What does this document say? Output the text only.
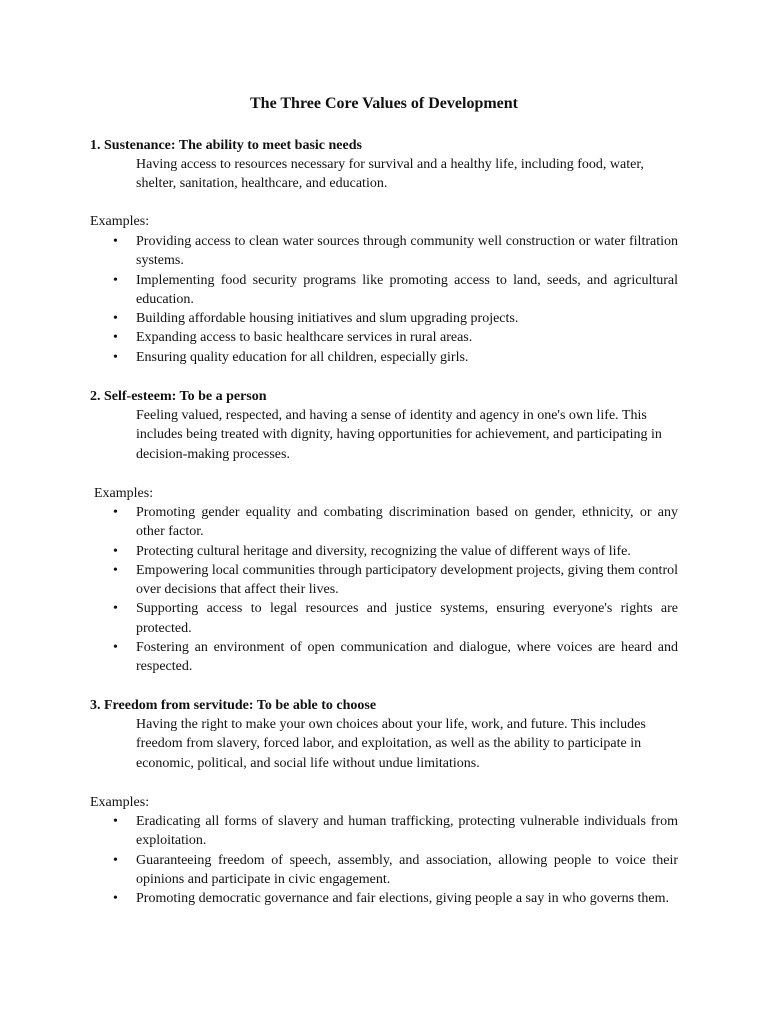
The Three Core Values of Development
1. Sustenance: The ability to meet basic needs
Having access to resources necessary for survival and a healthy life, including food, water, shelter, sanitation, healthcare, and education.
Examples:
• Providing access to clean water sources through community well construction or water filtration systems.
• Implementing food security programs like promoting access to land, seeds, and agricultural education.
• Building affordable housing initiatives and slum upgrading projects.
• Expanding access to basic healthcare services in rural areas.
• Ensuring quality education for all children, especially girls.
2. Self-esteem: To be a person
Feeling valued, respected, and having a sense of identity and agency in one's own life. This includes being treated with dignity, having opportunities for achievement, and participating in decision-making processes.
Examples:
• Promoting gender equality and combating discrimination based on gender, ethnicity, or any other factor.
• Protecting cultural heritage and diversity, recognizing the value of different ways of life.
• Empowering local communities through participatory development projects, giving them control over decisions that affect their lives.
• Supporting access to legal resources and justice systems, ensuring everyone's rights are protected.
• Fostering an environment of open communication and dialogue, where voices are heard and respected.
3. Freedom from servitude: To be able to choose
Having the right to make your own choices about your life, work, and future. This includes freedom from slavery, forced labor, and exploitation, as well as the ability to participate in economic, political, and social life without undue limitations.
Examples:
• Eradicating all forms of slavery and human trafficking, protecting vulnerable individuals from exploitation.
• Guaranteeing freedom of speech, assembly, and association, allowing people to voice their opinions and participate in civic engagement.
• Promoting democratic governance and fair elections, giving people a say in who governs them.
